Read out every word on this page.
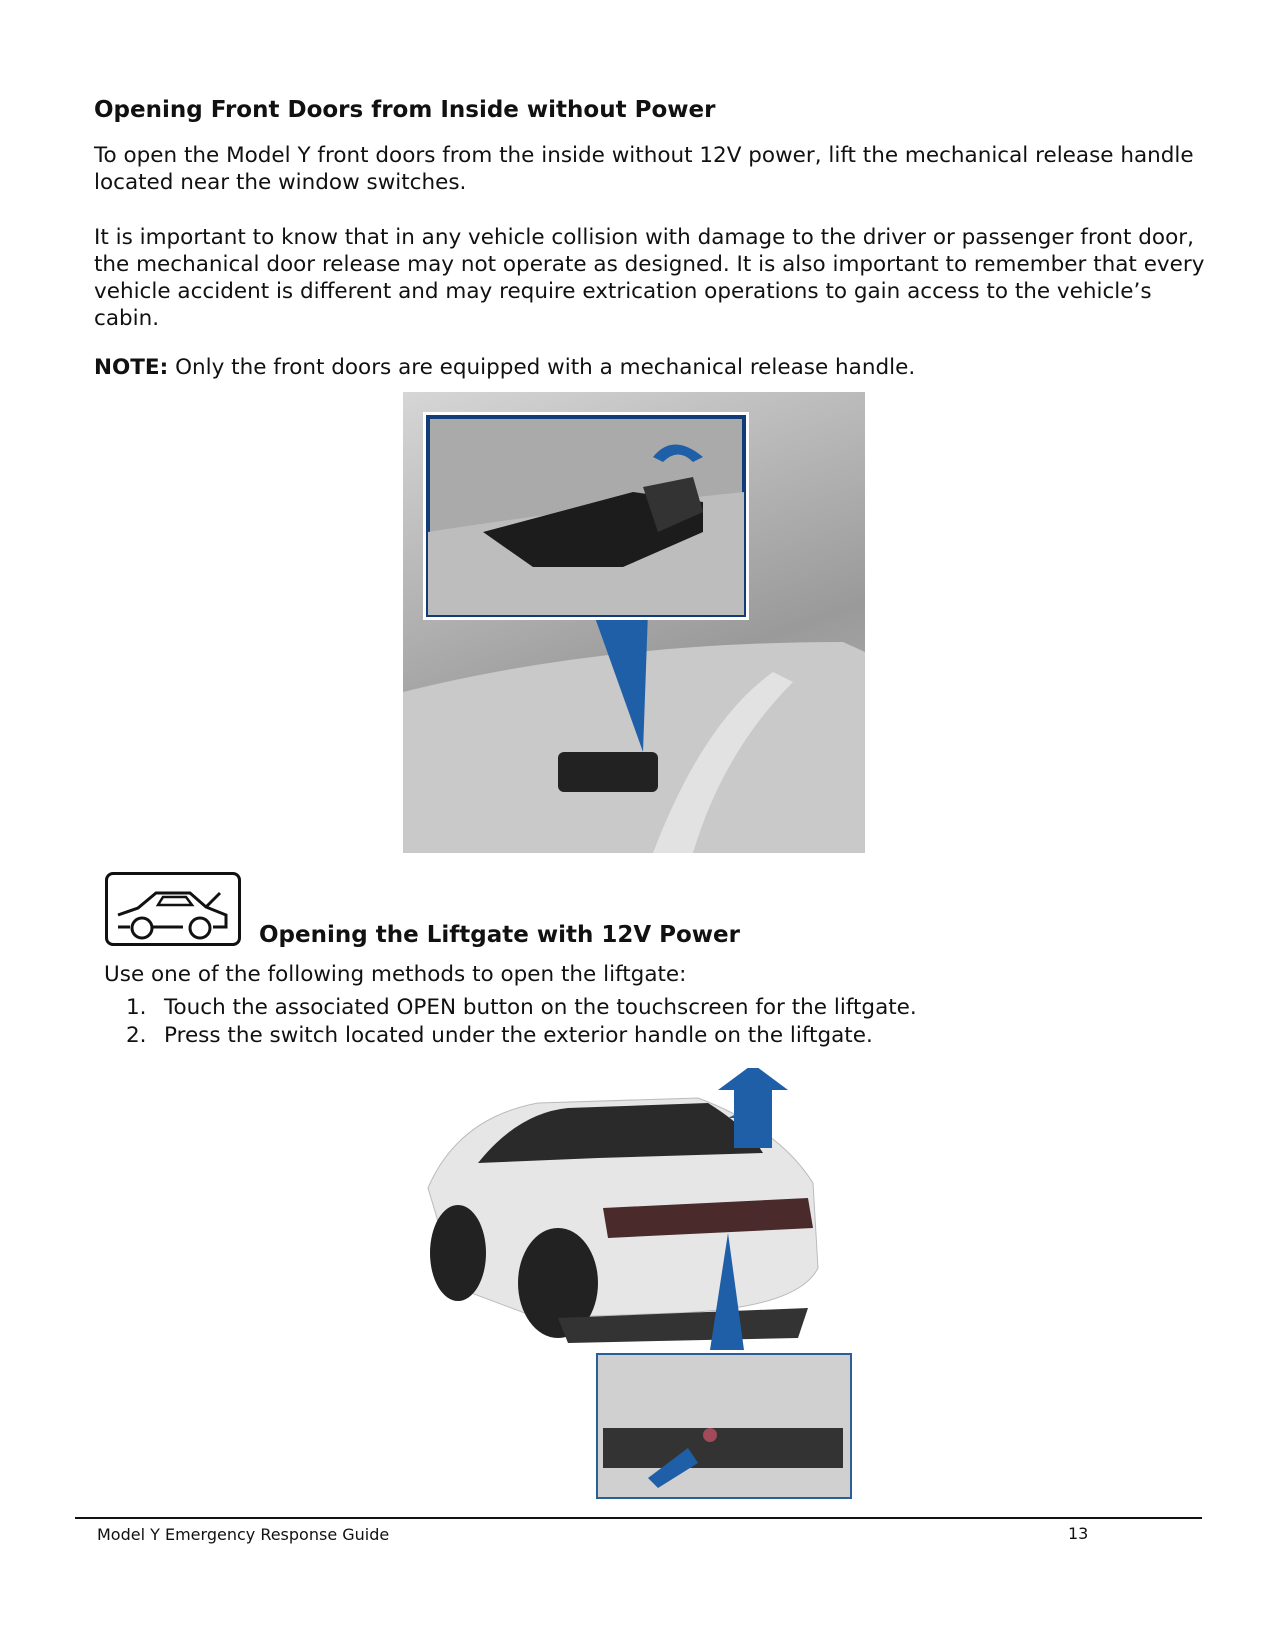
Opening Front Doors from Inside without Power

To open the Model Y front doors from the inside without 12V power, lift the mechanical release handle located near the window switches.

It is important to know that in any vehicle collision with damage to the driver or passenger front door, the mechanical door release may not operate as designed. It is also important to remember that every vehicle accident is different and may require extrication operations to gain access to the vehicle’s cabin.

NOTE: Only the front doors are equipped with a mechanical release handle.

Opening the Liftgate with 12V Power

Use one of the following methods to open the liftgate:

1. Touch the associated OPEN button on the touchscreen for the liftgate.
2. Press the switch located under the exterior handle on the liftgate.
Model Y Emergency Response Guide	13
